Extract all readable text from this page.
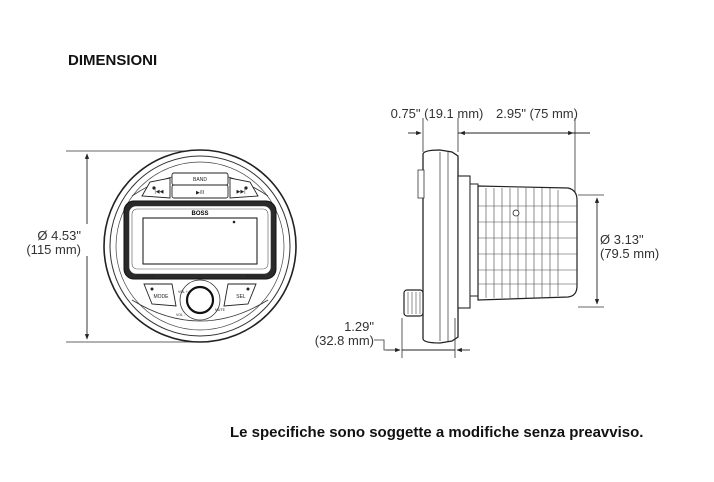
DIMENSIONI
Ø 4.53"
(115 mm)
BAND
▶/II
|◀◀	▶▶|
BOSS
MR500UAB	✱Bluetooth
MODE	SEL
VOL +
VOL -
MUTE
0.75" (19.1 mm) 2.95" (75 mm)
Ø 3.13"
(79.5 mm)
1.29"
(32.8 mm)
Le specifiche sono soggette a modifiche senza preavviso.
